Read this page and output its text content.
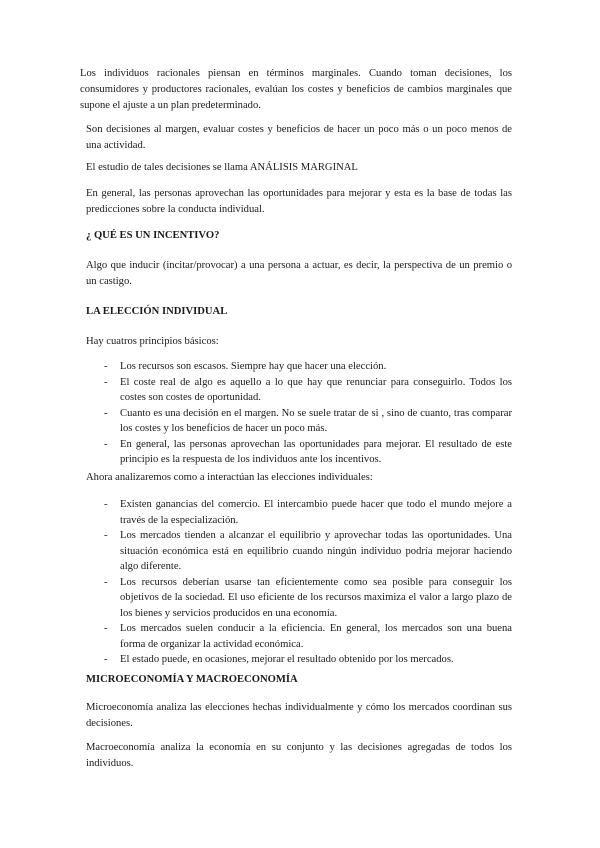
Los individuos racionales piensan en términos marginales. Cuando toman decisiones, los consumidores y productores racionales, evalúan los costes y beneficios de cambios marginales que supone el ajuste a un plan predeterminado.

Son decisiones al margen, evaluar costes y beneficios de hacer un poco más o un poco menos de una actividad.

El estudio de tales decisiones se llama ANÁLISIS MARGINAL

En general, las personas aprovechan las oportunidades para mejorar y esta es la base de todas las predicciones sobre la conducta individual.

¿ QUÉ ES UN INCENTIVO?

Algo que inducir (incitar/provocar) a una persona a actuar, es decir, la perspectiva de un premio o un castigo.

LA ELECCIÓN INDIVIDUAL

Hay cuatros principios básicos:

- Los recursos son escasos. Siempre hay que hacer una elección.
- El coste real de algo es aquello a lo que hay que renunciar para conseguirlo. Todos los costes son costes de oportunidad.
- Cuanto es una decisión en el margen. No se suele tratar de si , sino de cuanto, tras comparar los costes y los beneficios de hacer un poco más.
- En general, las personas aprovechan las oportunidades para mejorar. El resultado de este principio es la respuesta de los individuos ante los incentivos.

Ahora analizaremos como a interactúan las elecciones individuales:

- Existen ganancias del comercio. El intercambio puede hacer que todo el mundo mejore a través de la especialización.
- Los mercados tienden a alcanzar el equilibrio y aprovechar todas las oportunidades. Una situación económica está en equilibrio cuando ningún individuo podría mejorar haciendo algo diferente.
- Los recursos deberían usarse tan eficientemente como sea posible para conseguir los objetivos de la sociedad. El uso eficiente de los recursos maximiza el valor a largo plazo de los bienes y servicios producidos en una economía.
- Los mercados suelen conducir a la eficiencia. En general, los mercados son una buena forma de organizar la actividad económica.
- El estado puede, en ocasiones, mejorar el resultado obtenido por los mercados.
MICROECONOMÍA Y MACROECONOMÍA

Microeconomía analiza las elecciones hechas individualmente y cómo los mercados coordinan sus decisiones.

Macroeconomía analiza la economía en su conjunto y las decisiones agregadas de todos los individuos.
